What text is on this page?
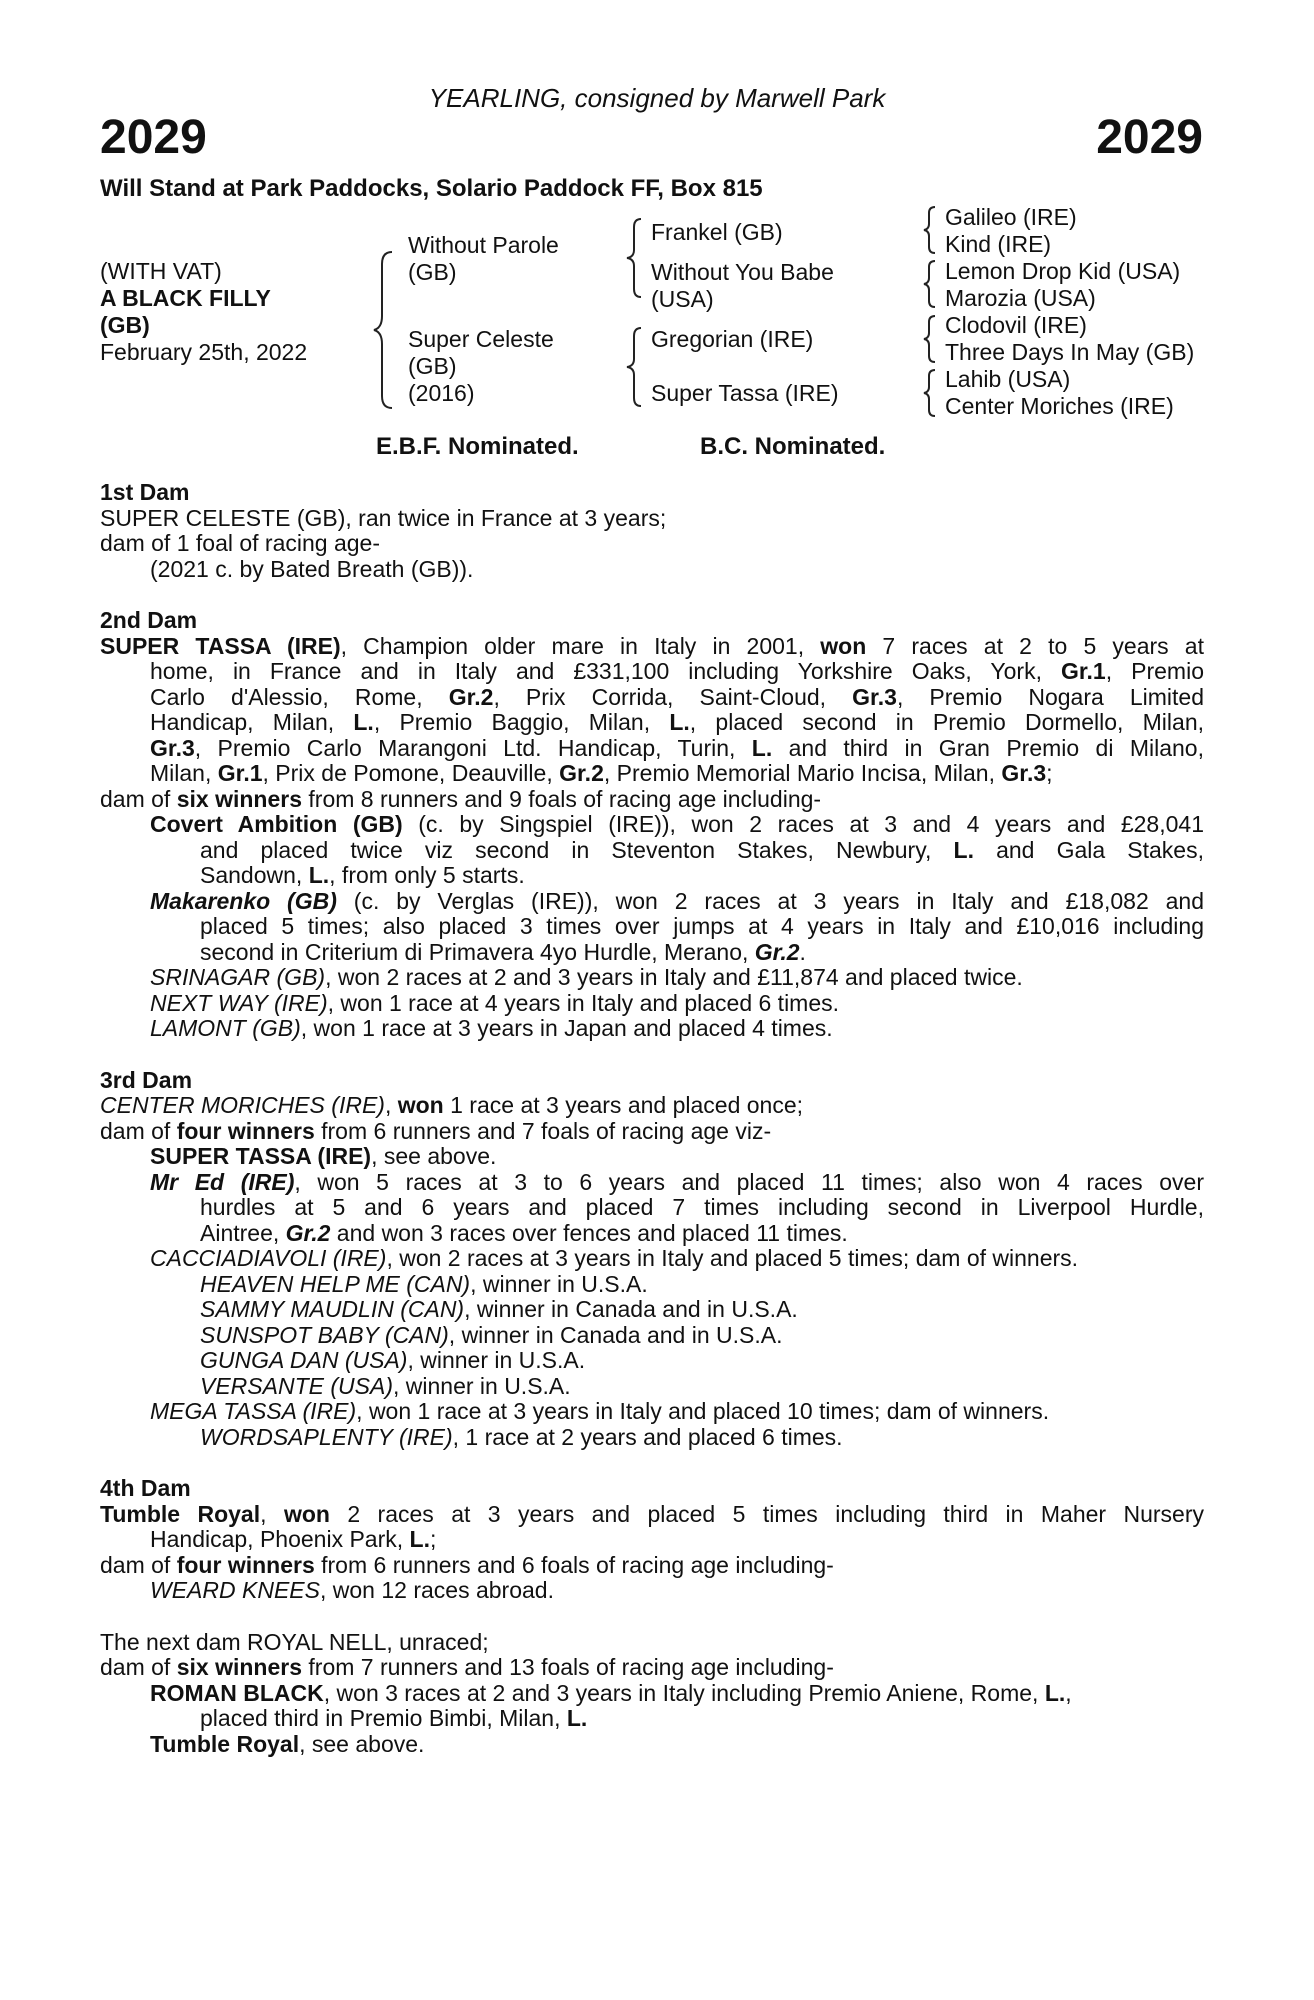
YEARLING, consigned by Marwell Park
2029	2029
Will Stand at Park Paddocks, Solario Paddock FF, Box 815
(WITH VAT)
A BLACK FILLY
(GB)
February 25th, 2022
Without Parole
(GB)
Super Celeste
(GB)
(2016)
Frankel (GB)
Without You Babe
(USA)
Gregorian (IRE)
Super Tassa (IRE)
Galileo (IRE)
Kind (IRE)
Lemon Drop Kid (USA)
Marozia (USA)
Clodovil (IRE)
Three Days In May (GB)
Lahib (USA)
Center Moriches (IRE)
E.B.F. Nominated.	B.C. Nominated.
1st Dam
SUPER CELESTE (GB), ran twice in France at 3 years;
dam of 1 foal of racing age-
(2021 c. by Bated Breath (GB)).
2nd Dam
SUPER TASSA (IRE), Champion older mare in Italy in 2001, won 7 races at 2 to 5 years at
home, in France and in Italy and £331,100 including Yorkshire Oaks, York, Gr.1, Premio
Carlo d'Alessio, Rome, Gr.2, Prix Corrida, Saint-Cloud, Gr.3, Premio Nogara Limited
Handicap, Milan, L., Premio Baggio, Milan, L., placed second in Premio Dormello, Milan,
Gr.3, Premio Carlo Marangoni Ltd. Handicap, Turin, L. and third in Gran Premio di Milano,
Milan, Gr.1, Prix de Pomone, Deauville, Gr.2, Premio Memorial Mario Incisa, Milan, Gr.3;
dam of six winners from 8 runners and 9 foals of racing age including-
Covert Ambition (GB) (c. by Singspiel (IRE)), won 2 races at 3 and 4 years and £28,041
and placed twice viz second in Steventon Stakes, Newbury, L. and Gala Stakes,
Sandown, L., from only 5 starts.
Makarenko (GB) (c. by Verglas (IRE)), won 2 races at 3 years in Italy and £18,082 and
placed 5 times; also placed 3 times over jumps at 4 years in Italy and £10,016 including
second in Criterium di Primavera 4yo Hurdle, Merano, Gr.2.
SRINAGAR (GB), won 2 races at 2 and 3 years in Italy and £11,874 and placed twice.
NEXT WAY (IRE), won 1 race at 4 years in Italy and placed 6 times.
LAMONT (GB), won 1 race at 3 years in Japan and placed 4 times.
3rd Dam
CENTER MORICHES (IRE), won 1 race at 3 years and placed once;
dam of four winners from 6 runners and 7 foals of racing age viz-
SUPER TASSA (IRE), see above.
Mr Ed (IRE), won 5 races at 3 to 6 years and placed 11 times; also won 4 races over
hurdles at 5 and 6 years and placed 7 times including second in Liverpool Hurdle,
Aintree, Gr.2 and won 3 races over fences and placed 11 times.
CACCIADIAVOLI (IRE), won 2 races at 3 years in Italy and placed 5 times; dam of winners.
HEAVEN HELP ME (CAN), winner in U.S.A.
SAMMY MAUDLIN (CAN), winner in Canada and in U.S.A.
SUNSPOT BABY (CAN), winner in Canada and in U.S.A.
GUNGA DAN (USA), winner in U.S.A.
VERSANTE (USA), winner in U.S.A.
MEGA TASSA (IRE), won 1 race at 3 years in Italy and placed 10 times; dam of winners.
WORDSAPLENTY (IRE), 1 race at 2 years and placed 6 times.
4th Dam
Tumble Royal, won 2 races at 3 years and placed 5 times including third in Maher Nursery
Handicap, Phoenix Park, L.;
dam of four winners from 6 runners and 6 foals of racing age including-
WEARD KNEES, won 12 races abroad.
The next dam ROYAL NELL, unraced;
dam of six winners from 7 runners and 13 foals of racing age including-
ROMAN BLACK, won 3 races at 2 and 3 years in Italy including Premio Aniene, Rome, L.,
placed third in Premio Bimbi, Milan, L.
Tumble Royal, see above.
